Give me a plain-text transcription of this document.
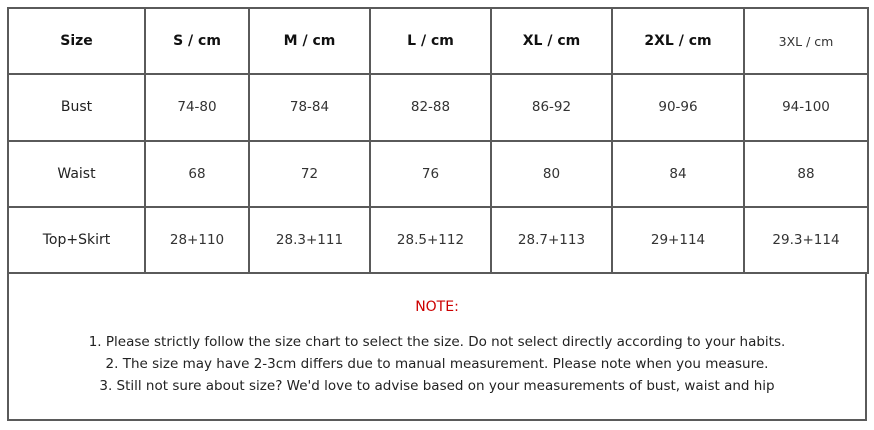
Size	S / cm	M / cm	L / cm	XL / cm	2XL / cm	3XL / cm
Bust	74-80	78-84	82-88	86-92	90-96	94-100
Waist	68	72	76	80	84	88
Top+Skirt	28+110	28.3+111	28.5+112	28.7+113	29+114	29.3+114
NOTE:
1. Please strictly follow the size chart to select the size. Do not select directly according to your habits.
2. The size may have 2-3cm differs due to manual measurement. Please note when you measure.
3. Still not sure about size? We'd love to advise based on your measurements of bust, waist and hip
